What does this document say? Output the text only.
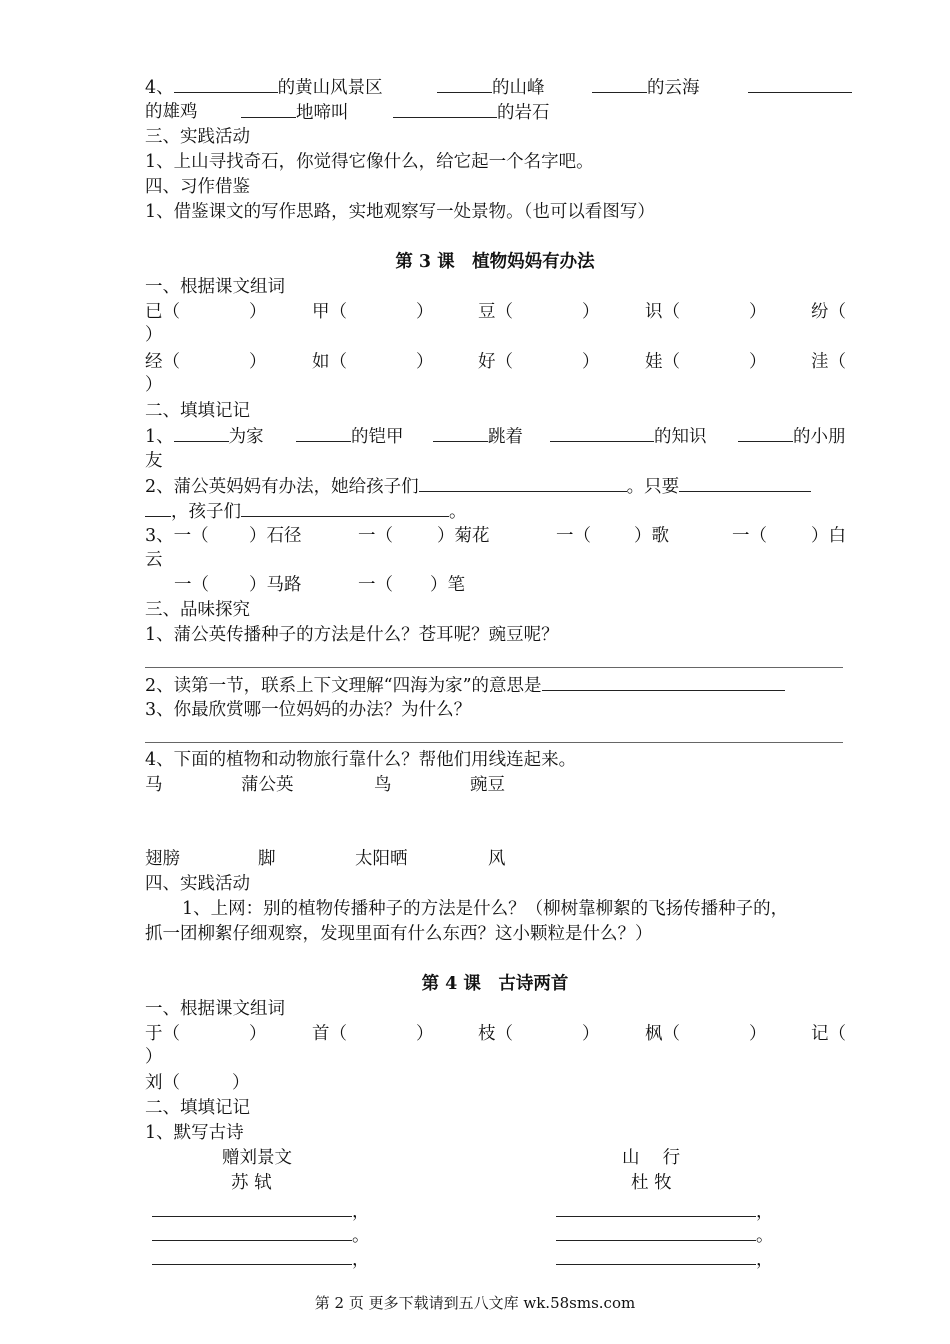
4、	的黄山风景区	的山峰	的云海
的雄鸡	地啼叫	的岩石
三、实践活动
1、上山寻找奇石，你觉得它像什么，给它起一个名字吧。
四、习作借鉴
1、借鉴课文的写作思路，实地观察写一处景物。（也可以看图写）
第 3 课　植物妈妈有办法
一、根据课文组词
已（	）	甲（	）	豆（	）	识（	）	纷（
）
经（	）	如（	）	好（	）	娃（	）	洼（
）
二、填填记记
1、	为家	的铠甲	跳着	的知识	的小朋
友
2、蒲公英妈妈有办法，她给孩子们	。只要
，孩子们	。
3、一（ ）石径	一（	）菊花	一（ ）歌	一（	）白
云
一（ ）马路	一（ ）笔
三、品味探究
1、蒲公英传播种子的方法是什么？苍耳呢？豌豆呢？
2、读第一节，联系上下文理解“四海为家”的意思是
3、你最欣赏哪一位妈妈的办法？为什么？
4、下面的植物和动物旅行靠什么？帮他们用线连起来。
马	蒲公英	鸟	豌豆
翅膀	脚	太阳晒	风
四、实践活动
1、上网：别的植物传播种子的方法是什么？（柳树靠柳絮的飞扬传播种子的，
抓一团柳絮仔细观察，发现里面有什么东西？这小颗粒是什么？）
第 4 课　古诗两首
一、根据课文组词
于（	）	首（	）	枝（	）	枫（	）	记（
）
刘（	）
二、填填记记
1、默写古诗
赠刘景文
苏 轼
山　 行
杜 牧
，
。
，
，
。
，
第 2 页 更多下载请到五八文库 wk.58sms.com
